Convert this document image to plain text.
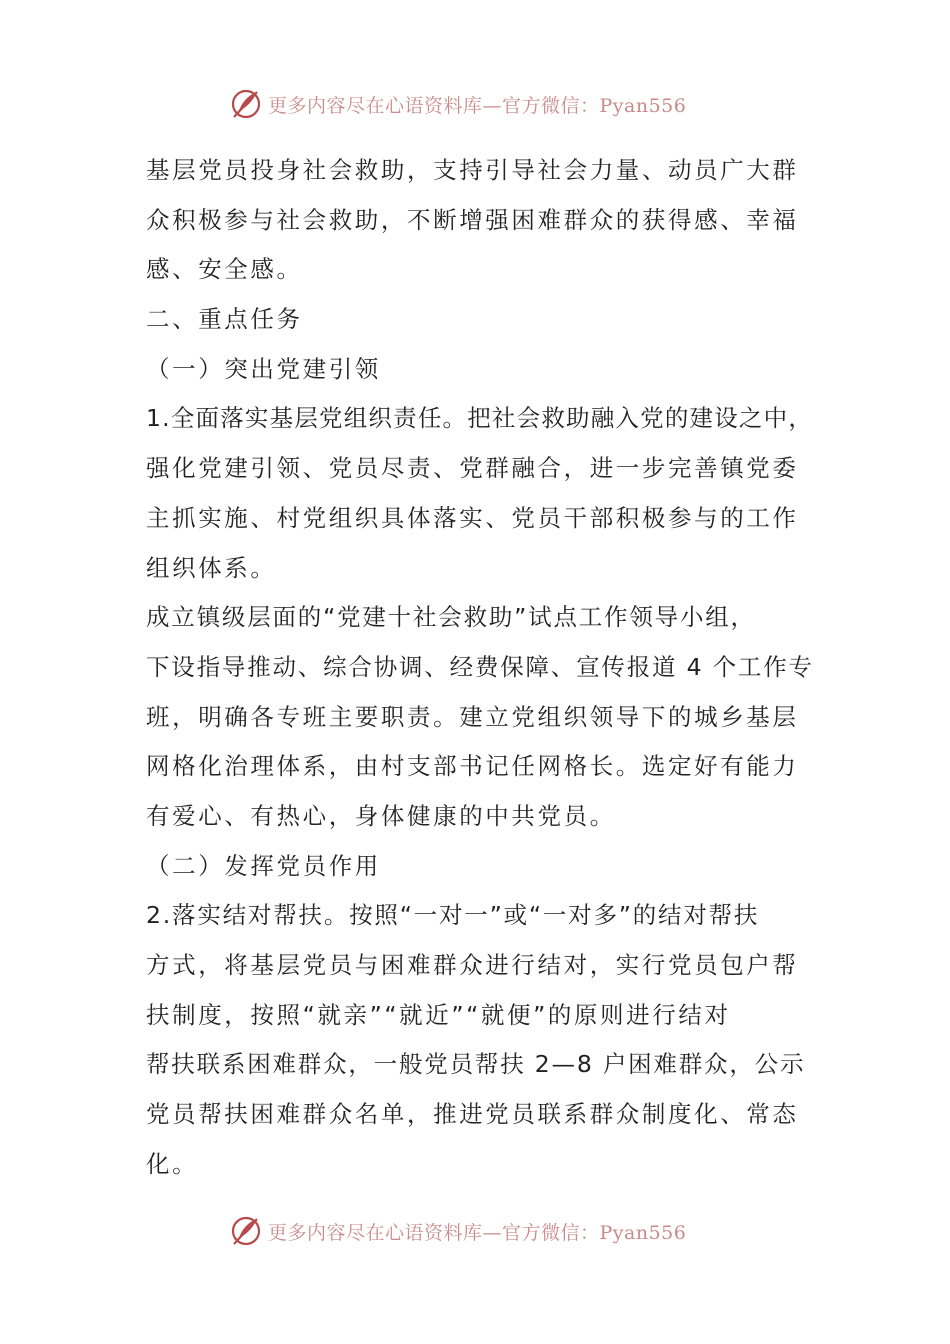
更多内容尽在心语资料库—官方微信：Pyan556
基层党员投身社会救助，支持引导社会力量、动员广大群
众积极参与社会救助，不断增强困难群众的获得感、幸福
感、安全感。
二、重点任务
（一）突出党建引领
1.全面落实基层党组织责任。把社会救助融入党的建设之中，
强化党建引领、党员尽责、党群融合，进一步完善镇党委
主抓实施、村党组织具体落实、党员干部积极参与的工作
组织体系。
成立镇级层面的“党建十社会救助”试点工作领导小组，
下设指导推动、综合协调、经费保障、宣传报道 4 个工作专
班，明确各专班主要职责。建立党组织领导下的城乡基层
网格化治理体系，由村支部书记任网格长。选定好有能力
有爱心、有热心，身体健康的中共党员。
（二）发挥党员作用
2.落实结对帮扶。按照“一对一”或“一对多”的结对帮扶
方式，将基层党员与困难群众进行结对，实行党员包户帮
扶制度，按照“就亲”“就近”“就便”的原则进行结对
帮扶联系困难群众，一般党员帮扶 2—8 户困难群众，公示
党员帮扶困难群众名单，推进党员联系群众制度化、常态
化。
更多内容尽在心语资料库—官方微信：Pyan556
